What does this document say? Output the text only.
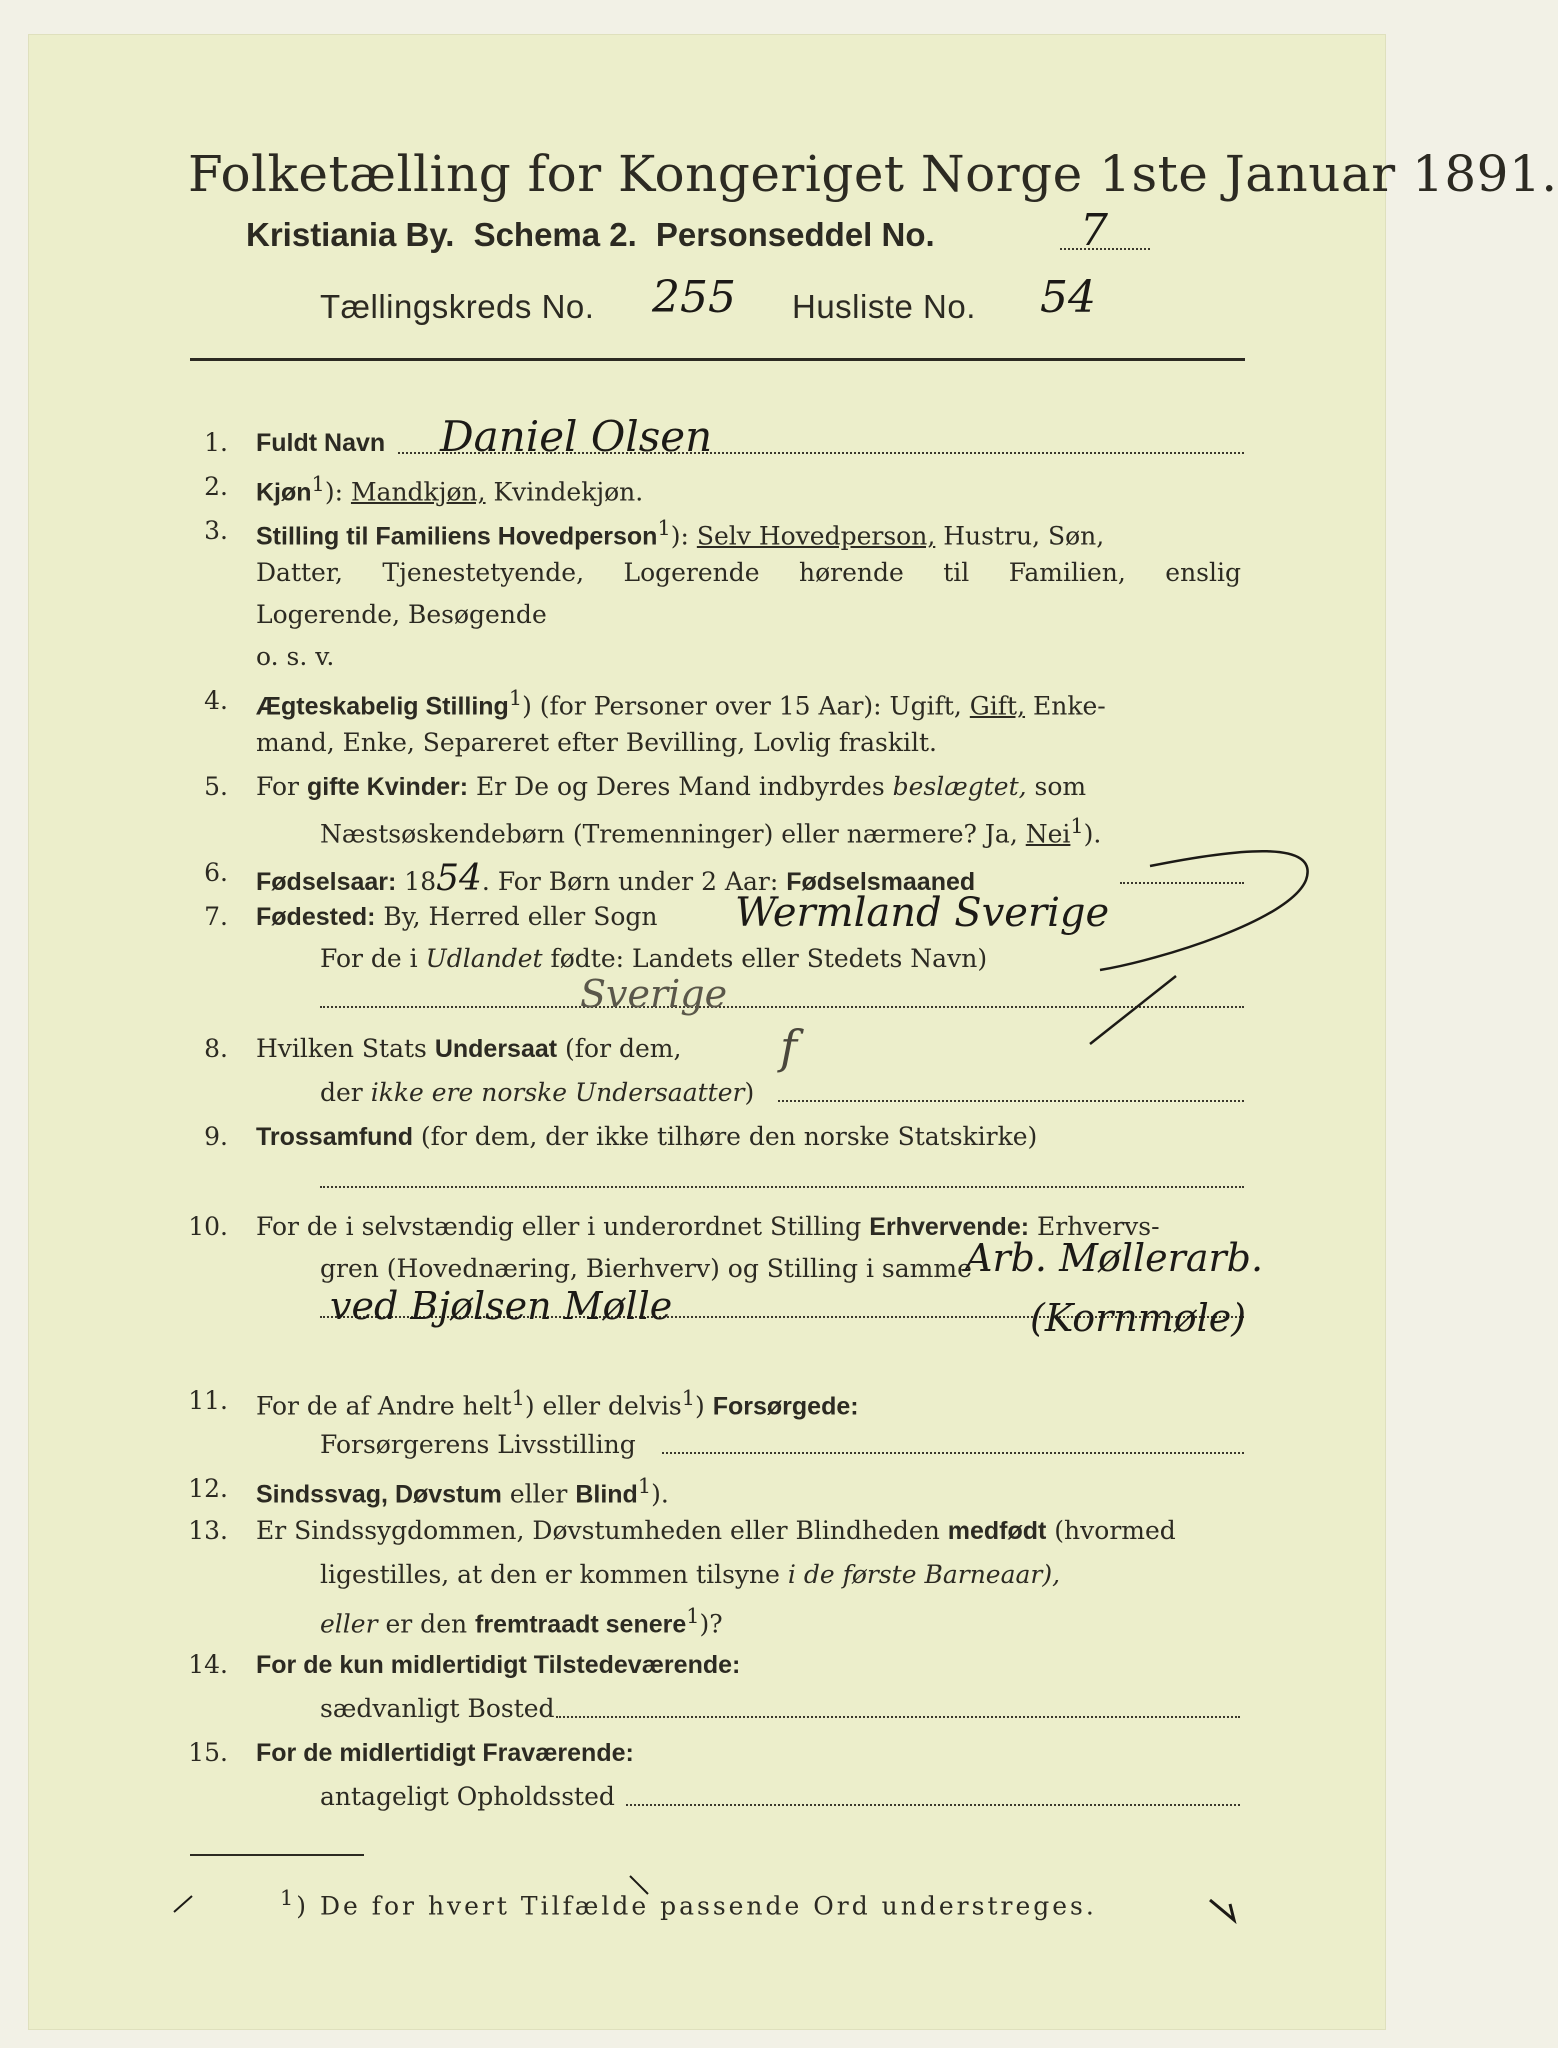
Folketælling for Kongeriget Norge 1ste Januar 1891.
Kristiania By. Schema 2. Personseddel No.	7
Tællingskreds No. 255 Husliste No. 54
1. Fuldt Navn Daniel Olsen
2. Kjøn$^1$): Mandkjøn, Kvindekjøn.
3. Stilling til Familiens Hovedperson$^1$): Selv Hovedperson, Hustru, Søn,
Datter, Tjenestetyende, Logerende hørende til Familien, enslig
Logerende, Besøgende
o. s. v.
4. Ægteskabelig Stilling$^1$) (for Personer over 15 Aar): Ugift, Gift, Enke-
mand, Enke, Separeret efter Bevilling, Lovlig fraskilt.
5. For gifte Kvinder: Er De og Deres Mand indbyrdes beslægtet, som
Næstsøskendebørn (Tremenninger) eller nærmere? Ja, Nei$^1$).
6. Fødselsaar: 1854. For Børn under 2 Aar: Fødselsmaaned
7. Fødested: By, Herred eller Sogn Wermland Sverige
For de i Udlandet fødte: Landets eller Stedets Navn)
Sverige
8. Hvilken Stats Undersaat (for dem, f
der ikke ere norske Undersaatter)
9. Trossamfund (for dem, der ikke tilhøre den norske Statskirke)
10. For de i selvstændig eller i underordnet Stilling Erhvervende: Erhvervs-
gren (Hovednæring, Bierhverv) og Stilling i samme
Arb. Møllerarb.
ved Bjølsen Mølle	(Kornmøle)
11. For de af Andre helt$^1$) eller delvis$^1$) Forsørgede:
Forsørgerens Livsstilling
12. Sindssvag, Døvstum eller Blind$^1$).
13. Er Sindssygdommen, Døvstumheden eller Blindheden medfødt (hvormed
ligestilles, at den er kommen tilsyne i de første Barneaar),
eller er den fremtraadt senere$^1$)?
14. For de kun midlertidigt Tilstedeværende:
sædvanligt Bosted
15. For de midlertidigt Fraværende:
antageligt Opholdssted
$^1$) De for hvert Tilfælde passende Ord understreges.
